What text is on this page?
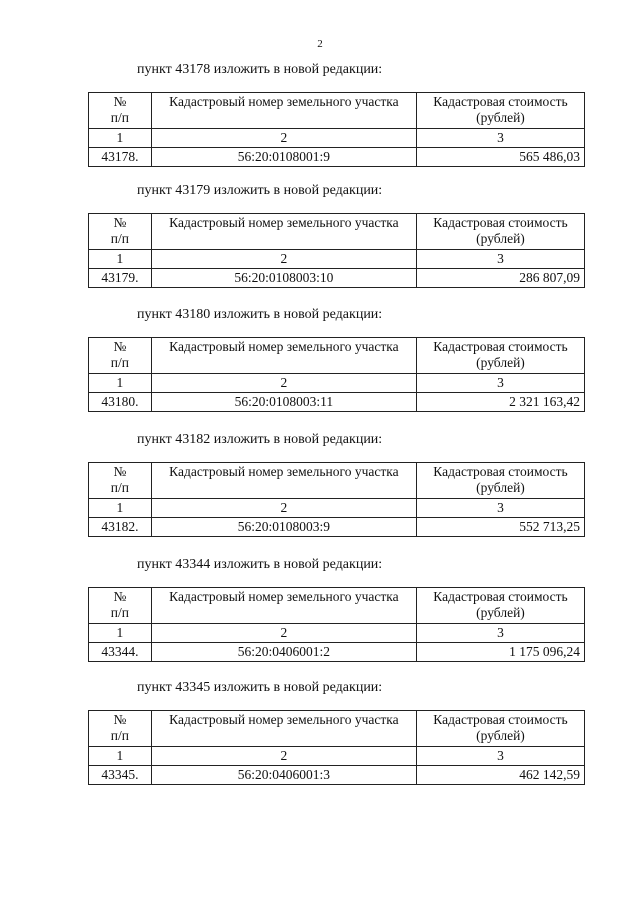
2
пункт 43178 изложить в новой редакции:
№
п/п	Кадастровый номер земельного участка	Кадастровая стоимость (рублей)
1	2	3
43178.	56:20:0108001:9	565 486,03
пункт 43179 изложить в новой редакции:
№
п/п	Кадастровый номер земельного участка	Кадастровая стоимость (рублей)
1	2	3
43179.	56:20:0108003:10	286 807,09
пункт 43180 изложить в новой редакции:
№
п/п	Кадастровый номер земельного участка	Кадастровая стоимость (рублей)
1	2	3
43180.	56:20:0108003:11	2 321 163,42
пункт 43182 изложить в новой редакции:
№
п/п	Кадастровый номер земельного участка	Кадастровая стоимость (рублей)
1	2	3
43182.	56:20:0108003:9	552 713,25
пункт 43344 изложить в новой редакции:
№
п/п	Кадастровый номер земельного участка	Кадастровая стоимость (рублей)
1	2	3
43344.	56:20:0406001:2	1 175 096,24
пункт 43345 изложить в новой редакции:
№
п/п	Кадастровый номер земельного участка	Кадастровая стоимость (рублей)
1	2	3
43345.	56:20:0406001:3	462 142,59
